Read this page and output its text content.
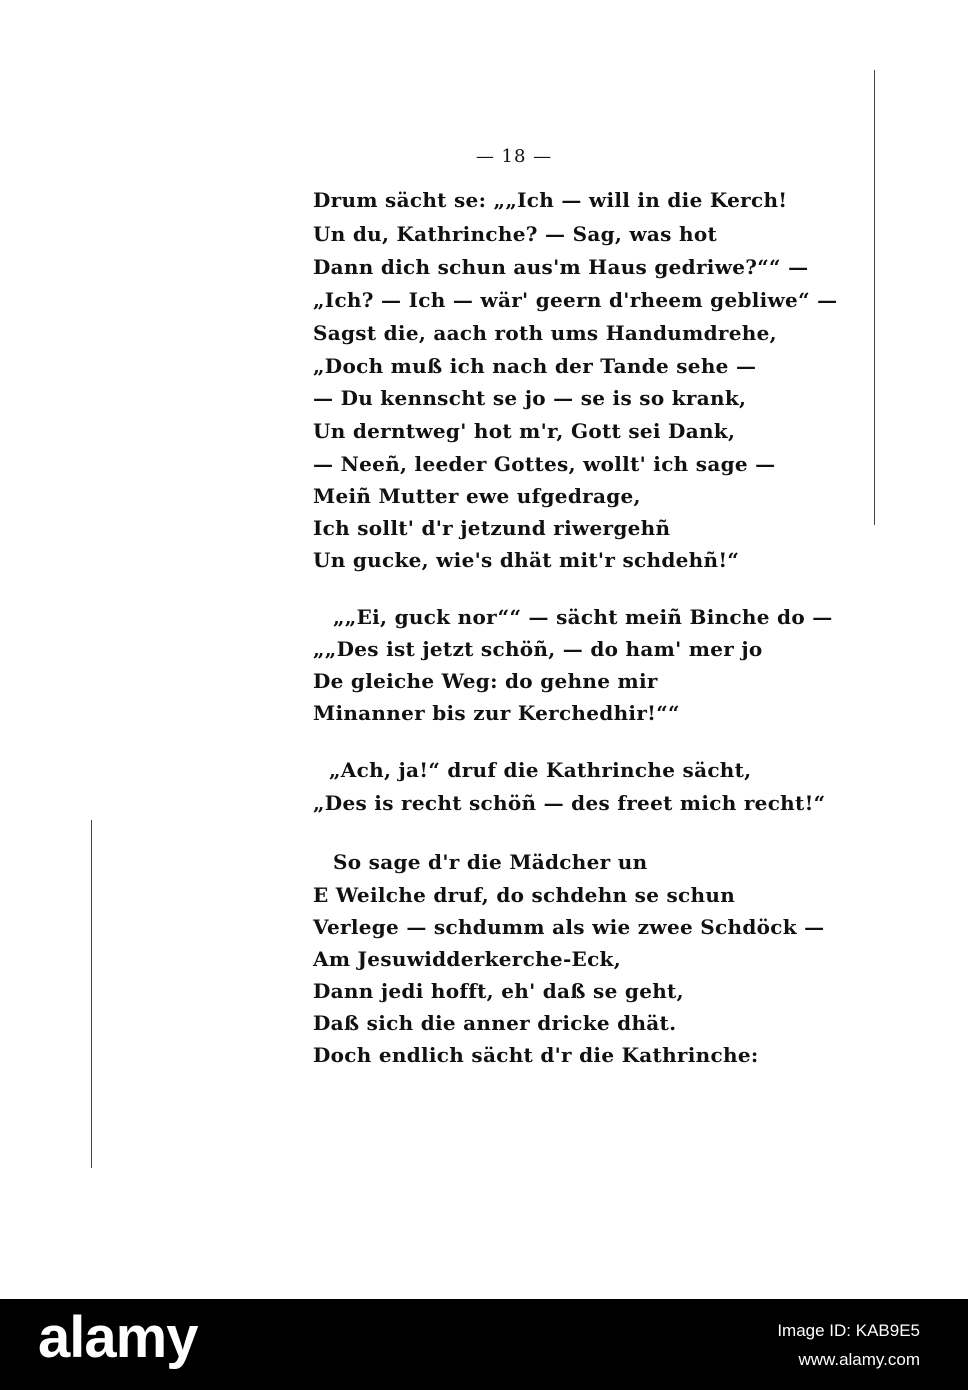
— 18 —
Drum sächt se: „„Ich — will in die Kerch!
Un du, Kathrinche? — Sag, was hot
Dann dich schun aus'm Haus gedriwe?““ —
„Ich? — Ich — wär' geern d'rheem gebliwe“ —
Sagst die, aach roth ums Handumdrehe,
„Doch muß ich nach der Tande sehe —
— Du kennscht se jo — se is so krank,
Un derntweg' hot m'r, Gott sei Dank,
— Neeñ, leeder Gottes, wollt' ich sage —
Meiñ Mutter ewe ufgedrage,
Ich sollt' d'r jetzund riwergehñ
Un gucke, wie's dhät mit'r schdehñ!“
„„Ei, guck nor““ — sächt meiñ Binche do —
„„Des ist jetzt schöñ, — do ham' mer jo
De gleiche Weg: do gehne mir
Minanner bis zur Kerchedhir!““
„Ach, ja!“ druf die Kathrinche sächt,
„Des is recht schöñ — des freet mich recht!“
So sage d'r die Mädcher un
E Weilche druf, do schdehn se schun
Verlege — schdumm als wie zwee Schdöck —
Am Jesuwidderkerche-Eck,
Dann jedi hofft, eh' daß se geht,
Daß sich die anner dricke dhät.
Doch endlich sächt d'r die Kathrinche:
alamy	Image ID: KAB9E5
www.alamy.com
